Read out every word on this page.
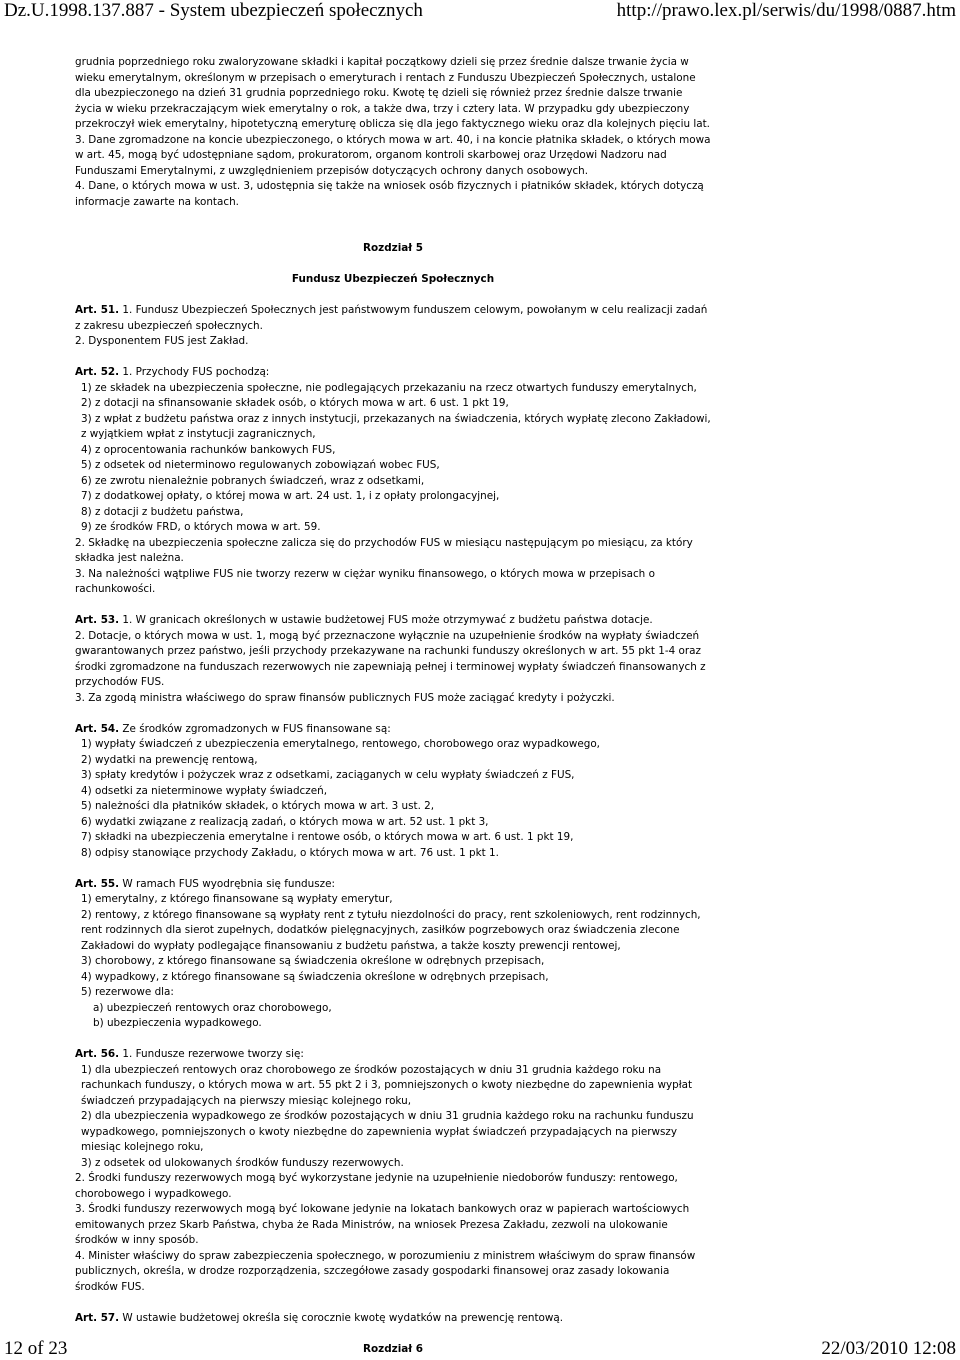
Dz.U.1998.137.887 - System ubezpieczeń społecznych	http://prawo.lex.pl/serwis/du/1998/0887.htm

grudnia poprzedniego roku zwaloryzowane składki i kapitał początkowy dzieli się przez średnie dalsze trwanie życia w wieku emerytalnym, określonym w przepisach o emeryturach i rentach z Funduszu Ubezpieczeń Społecznych, ustalone dla ubezpieczonego na dzień 31 grudnia poprzedniego roku. Kwotę tę dzieli się również przez średnie dalsze trwanie życia w wieku przekraczającym wiek emerytalny o rok, a także dwa, trzy i cztery lata. W przypadku gdy ubezpieczony przekroczył wiek emerytalny, hipotetyczną emeryturę oblicza się dla jego faktycznego wieku oraz dla kolejnych pięciu lat.

3. Dane zgromadzone na koncie ubezpieczonego, o których mowa w art. 40, i na koncie płatnika składek, o których mowa w art. 45, mogą być udostępniane sądom, prokuratorom, organom kontroli skarbowej oraz Urzędowi Nadzoru nad Funduszami Emerytalnymi, z uwzględnieniem przepisów dotyczących ochrony danych osobowych.

4. Dane, o których mowa w ust. 3, udostępnia się także na wniosek osób fizycznych i płatników składek, których dotyczą informacje zawarte na kontach.

Rozdział 5

Fundusz Ubezpieczeń Społecznych

Art. 51. 1. Fundusz Ubezpieczeń Społecznych jest państwowym funduszem celowym, powołanym w celu realizacji zadań z zakresu ubezpieczeń społecznych.

2. Dysponentem FUS jest Zakład.

Art. 52. 1. Przychody FUS pochodzą:

1) ze składek na ubezpieczenia społeczne, nie podlegających przekazaniu na rzecz otwartych funduszy emerytalnych,

2) z dotacji na sfinansowanie składek osób, o których mowa w art. 6 ust. 1 pkt 19,

3) z wpłat z budżetu państwa oraz z innych instytucji, przekazanych na świadczenia, których wypłatę zlecono Zakładowi, z wyjątkiem wpłat z instytucji zagranicznych,

4) z oprocentowania rachunków bankowych FUS,

5) z odsetek od nieterminowo regulowanych zobowiązań wobec FUS,

6) ze zwrotu nienależnie pobranych świadczeń, wraz z odsetkami,

7) z dodatkowej opłaty, o której mowa w art. 24 ust. 1, i z opłaty prolongacyjnej,

8) z dotacji z budżetu państwa,

9) ze środków FRD, o których mowa w art. 59.

2. Składkę na ubezpieczenia społeczne zalicza się do przychodów FUS w miesiącu następującym po miesiącu, za który składka jest należna.

3. Na należności wątpliwe FUS nie tworzy rezerw w ciężar wyniku finansowego, o których mowa w przepisach o rachunkowości.

Art. 53. 1. W granicach określonych w ustawie budżetowej FUS może otrzymywać z budżetu państwa dotacje.

2. Dotacje, o których mowa w ust. 1, mogą być przeznaczone wyłącznie na uzupełnienie środków na wypłaty świadczeń gwarantowanych przez państwo, jeśli przychody przekazywane na rachunki funduszy określonych w art. 55 pkt 1-4 oraz środki zgromadzone na funduszach rezerwowych nie zapewniają pełnej i terminowej wypłaty świadczeń finansowanych z przychodów FUS.

3. Za zgodą ministra właściwego do spraw finansów publicznych FUS może zaciągać kredyty i pożyczki.

Art. 54. Ze środków zgromadzonych w FUS finansowane są:

1) wypłaty świadczeń z ubezpieczenia emerytalnego, rentowego, chorobowego oraz wypadkowego,

2) wydatki na prewencję rentową,

3) spłaty kredytów i pożyczek wraz z odsetkami, zaciąganych w celu wypłaty świadczeń z FUS,

4) odsetki za nieterminowe wypłaty świadczeń,

5) należności dla płatników składek, o których mowa w art. 3 ust. 2,

6) wydatki związane z realizacją zadań, o których mowa w art. 52 ust. 1 pkt 3,

7) składki na ubezpieczenia emerytalne i rentowe osób, o których mowa w art. 6 ust. 1 pkt 19,

8) odpisy stanowiące przychody Zakładu, o których mowa w art. 76 ust. 1 pkt 1.

Art. 55. W ramach FUS wyodrębnia się fundusze:

1) emerytalny, z którego finansowane są wypłaty emerytur,

2) rentowy, z którego finansowane są wypłaty rent z tytułu niezdolności do pracy, rent szkoleniowych, rent rodzinnych, rent rodzinnych dla sierot zupełnych, dodatków pielęgnacyjnych, zasiłków pogrzebowych oraz świadczenia zlecone Zakładowi do wypłaty podlegające finansowaniu z budżetu państwa, a także koszty prewencji rentowej,

3) chorobowy, z którego finansowane są świadczenia określone w odrębnych przepisach,

4) wypadkowy, z którego finansowane są świadczenia określone w odrębnych przepisach,

5) rezerwowe dla:

a) ubezpieczeń rentowych oraz chorobowego,

b) ubezpieczenia wypadkowego.

Art. 56. 1. Fundusze rezerwowe tworzy się:

1) dla ubezpieczeń rentowych oraz chorobowego ze środków pozostających w dniu 31 grudnia każdego roku na rachunkach funduszy, o których mowa w art. 55 pkt 2 i 3, pomniejszonych o kwoty niezbędne do zapewnienia wypłat świadczeń przypadających na pierwszy miesiąc kolejnego roku,

2) dla ubezpieczenia wypadkowego ze środków pozostających w dniu 31 grudnia każdego roku na rachunku funduszu wypadkowego, pomniejszonych o kwoty niezbędne do zapewnienia wypłat świadczeń przypadających na pierwszy miesiąc kolejnego roku,

3) z odsetek od ulokowanych środków funduszy rezerwowych.

2. Środki funduszy rezerwowych mogą być wykorzystane jedynie na uzupełnienie niedoborów funduszy: rentowego, chorobowego i wypadkowego.

3. Środki funduszy rezerwowych mogą być lokowane jedynie na lokatach bankowych oraz w papierach wartościowych emitowanych przez Skarb Państwa, chyba że Rada Ministrów, na wniosek Prezesa Zakładu, zezwoli na ulokowanie środków w inny sposób.

4. Minister właściwy do spraw zabezpieczenia społecznego, w porozumieniu z ministrem właściwym do spraw finansów publicznych, określa, w drodze rozporządzenia, szczegółowe zasady gospodarki finansowej oraz zasady lokowania środków FUS.

Art. 57. W ustawie budżetowej określa się corocznie kwotę wydatków na prewencję rentową.

Rozdział 6

12 of 23	22/03/2010 12:08
